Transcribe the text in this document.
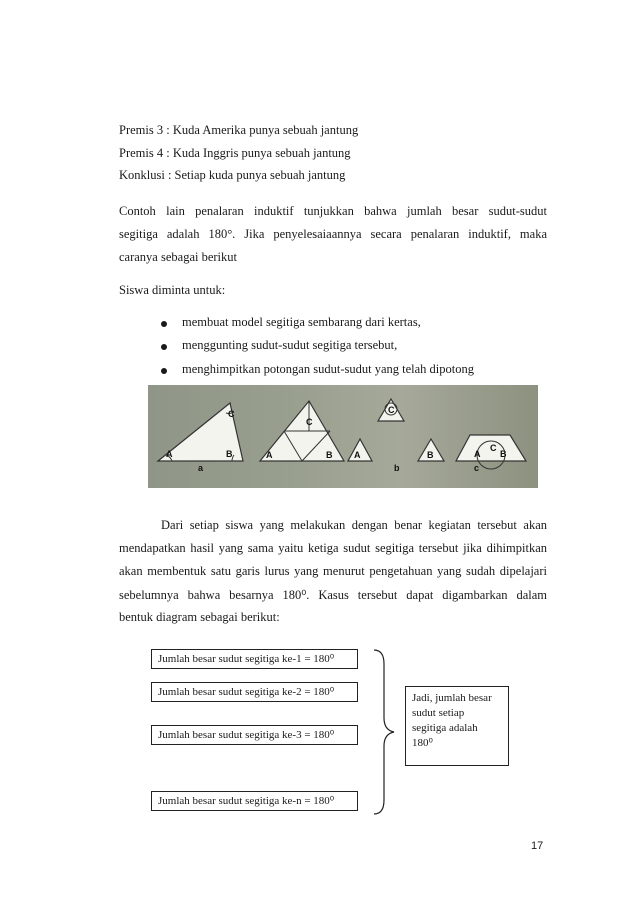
Premis 3 : Kuda Amerika punya sebuah jantung
Premis 4 : Kuda Inggris punya sebuah jantung
Konklusi : Setiap kuda punya sebuah jantung
Contoh lain penalaran induktif tunjukkan bahwa jumlah besar sudut-sudut
segitiga adalah 180°. Jika penyelesaiaannya secara penalaran induktif, maka
caranya sebagai berikut
Siswa diminta untuk:
membuat model segitiga sembarang dari kertas,
menggunting sudut-sudut segitiga tersebut,
menghimpitkan potongan sudut-sudut yang telah dipotong
A	B
C
A	B
C
A	B
C
A
C
B
a	b	c
Dari setiap siswa yang melakukan dengan benar kegiatan tersebut akan
mendapatkan hasil yang sama yaitu ketiga sudut segitiga tersebut jika dihimpitkan
akan membentuk satu garis lurus yang menurut pengetahuan yang sudah dipelajari
sebelumnya bahwa besarnya 180⁰. Kasus tersebut dapat digambarkan dalam
bentuk diagram sebagai berikut:
Jumlah besar sudut segitiga ke-1 = 180⁰
Jumlah besar sudut segitiga ke-2 = 180⁰
Jumlah besar sudut segitiga ke-3 = 180⁰
Jumlah besar sudut segitiga ke-n = 180⁰
Jadi, jumlah besar
sudut setiap
segitiga adalah
180⁰
17
